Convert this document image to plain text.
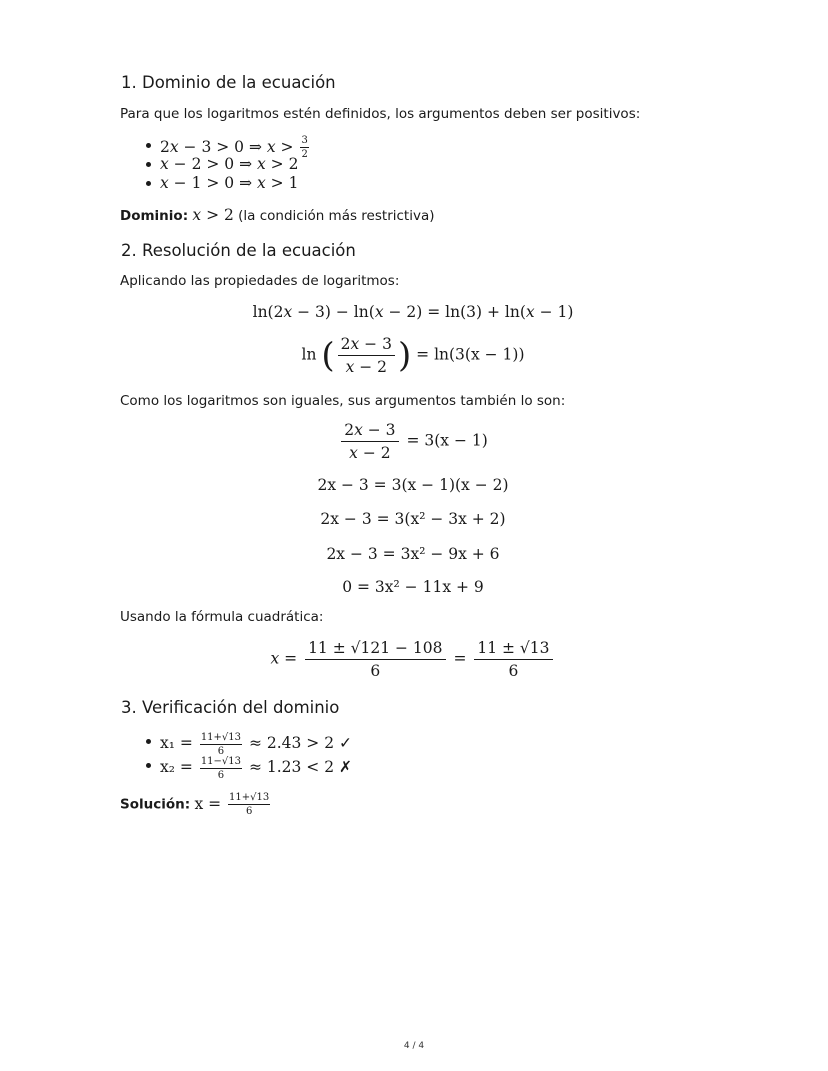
1. Dominio de la ecuación

Para que los logaritmos estén definidos, los argumentos deben ser positivos:

2x − 3 > 0 ⇒ $x > \frac{3}{2}$
x − 2 > 0 ⇒ x > 2
x − 1 > 0 ⇒ x > 1

Dominio: x > 2 (la condición más restrictiva)

2. Resolución de la ecuación

Aplicando las propiedades de logaritmos:

ln(2x − 3) − ln(x − 2) = ln(3) + ln(x − 1)
ln ( $\frac{2x - 3}{x - 2}$ ) = ln(3(x − 1))

Como los logaritmos son iguales, sus argumentos también lo son:

$\frac{2x - 3}{x - 2} = 3(x - 1)$
2x − 3 = 3(x − 1)(x − 2)
2x − 3 = 3(x² − 3x + 2)
2x − 3 = 3x² − 9x + 6
0 = 3x² − 11x + 9

Usando la fórmula cuadrática:

$x = \frac{11 \pm √121 - 108}{6} = \frac{11 \pm √13}{6}$
3. Verificación del dominio
$x_1 = \frac{11+√13}{6} \approx 2.43 > 2$ ✓
$x_2 = \frac{11-√13}{6} \approx 1.23 < 2$ ✗

Solución: $x = \frac{11+√13}{6}$

4 / 4
